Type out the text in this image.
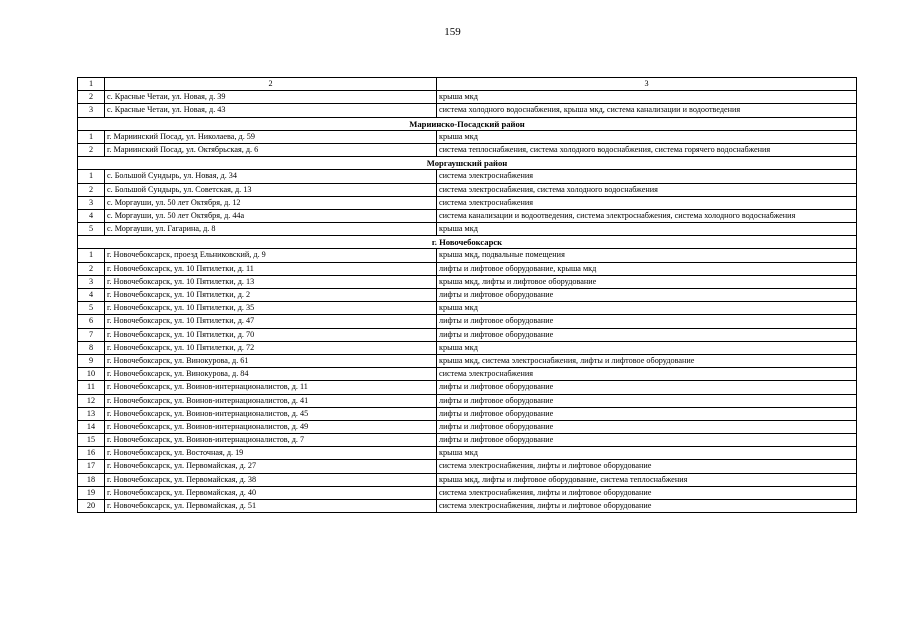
159
1	2	3
2	с. Красные Четаи, ул. Новая, д. 39	крыша мкд
3	с. Красные Четаи, ул. Новая, д. 43	система холодного водоснабжения, крыша мкд, система канализации и водоотведения
Мариинско-Посадский район		
1	г. Мариинский Посад, ул. Николаева, д. 59	крыша мкд
2	г. Мариинский Посад, ул. Октябрьская, д. 6	система теплоснабжения, система холодного водоснабжения, система горячего водоснабжения
Моргаушский район		
1	с. Большой Сундырь, ул. Новая, д. 34	система электроснабжения
2	с. Большой Сундырь, ул. Советская, д. 13	система электроснабжения, система холодного водоснабжения
3	с. Моргауши, ул. 50 лет Октября, д. 12	система электроснабжения
4	с. Моргауши, ул. 50 лет Октября, д. 44а	система канализации и водоотведения, система электроснабжения, система холодного водоснабжения
5	с. Моргауши, ул. Гагарина, д. 8	крыша мкд
г. Новочебоксарск		
1	г. Новочебоксарск, проезд Ельниковский, д. 9	крыша мкд, подвальные помещения
2	г. Новочебоксарск, ул. 10 Пятилетки, д. 11	лифты и лифтовое оборудование, крыша мкд
3	г. Новочебоксарск, ул. 10 Пятилетки, д. 13	крыша мкд, лифты и лифтовое оборудование
4	г. Новочебоксарск, ул. 10 Пятилетки, д. 2	лифты и лифтовое оборудование
5	г. Новочебоксарск, ул. 10 Пятилетки, д. 35	крыша мкд
6	г. Новочебоксарск, ул. 10 Пятилетки, д. 47	лифты и лифтовое оборудование
7	г. Новочебоксарск, ул. 10 Пятилетки, д. 70	лифты и лифтовое оборудование
8	г. Новочебоксарск, ул. 10 Пятилетки, д. 72	крыша мкд
9	г. Новочебоксарск, ул. Винокурова, д. 61	крыша мкд, система электроснабжения, лифты и лифтовое оборудование
10	г. Новочебоксарск, ул. Винокурова, д. 84	система электроснабжения
11	г. Новочебоксарск, ул. Воинов-интернационалистов, д. 11	лифты и лифтовое оборудование
12	г. Новочебоксарск, ул. Воинов-интернационалистов, д. 41	лифты и лифтовое оборудование
13	г. Новочебоксарск, ул. Воинов-интернационалистов, д. 45	лифты и лифтовое оборудование
14	г. Новочебоксарск, ул. Воинов-интернационалистов, д. 49	лифты и лифтовое оборудование
15	г. Новочебоксарск, ул. Воинов-интернационалистов, д. 7	лифты и лифтовое оборудование
16	г. Новочебоксарск, ул. Восточная, д. 19	крыша мкд
17	г. Новочебоксарск, ул. Первомайская, д. 27	система электроснабжения, лифты и лифтовое оборудование
18	г. Новочебоксарск, ул. Первомайская, д. 38	крыша мкд, лифты и лифтовое оборудование, система теплоснабжения
19	г. Новочебоксарск, ул. Первомайская, д. 40	система электроснабжения, лифты и лифтовое оборудование
20	г. Новочебоксарск, ул. Первомайская, д. 51	система электроснабжения, лифты и лифтовое оборудование
